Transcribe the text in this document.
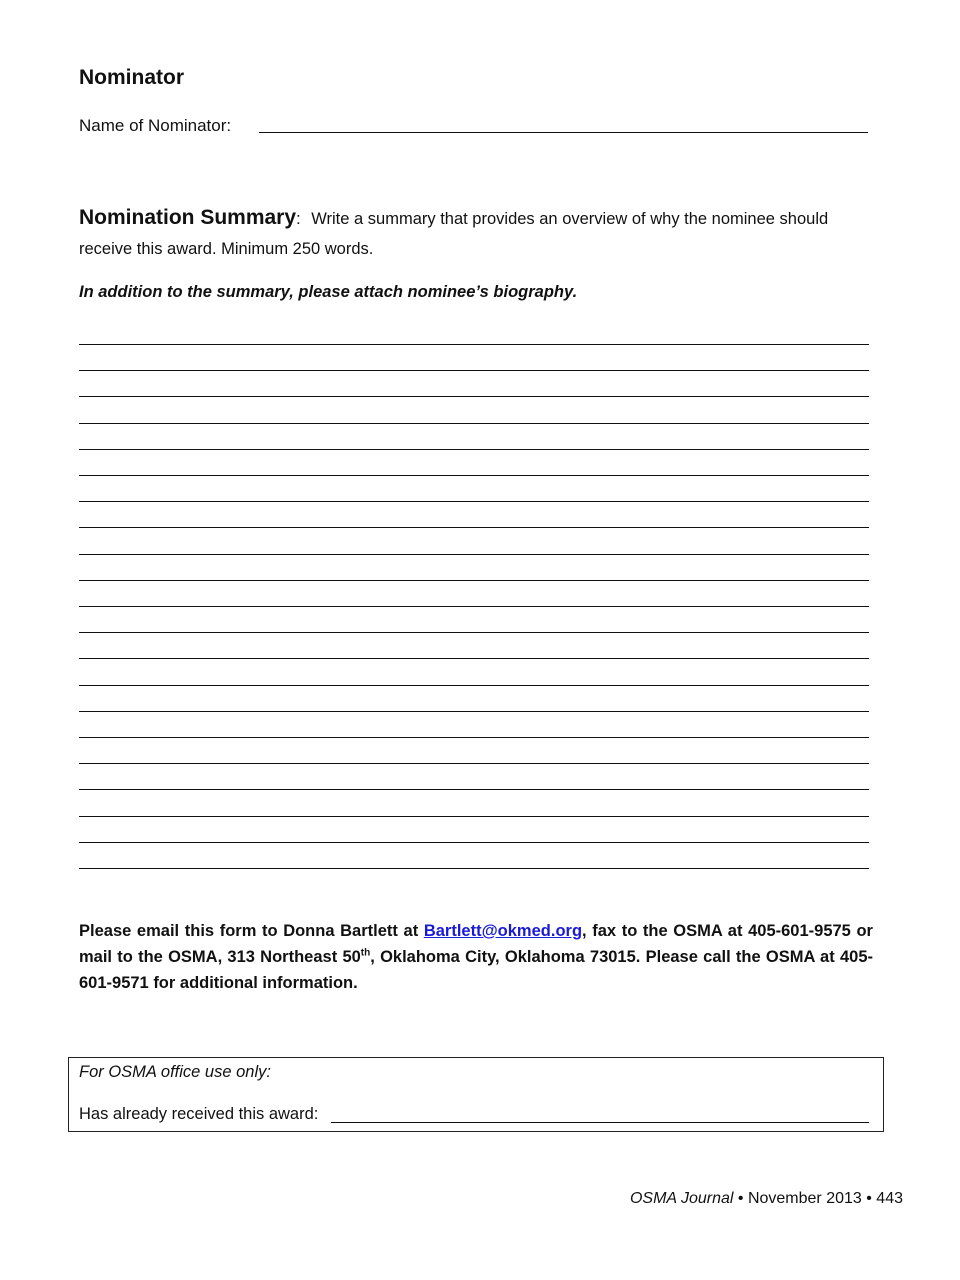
Nominator
Name of Nominator:
Nomination Summary: Write a summary that provides an overview of why the nominee should
receive this award. Minimum 250 words.
In addition to the summary, please attach nominee’s biography.
Please email this form to Donna Bartlett at Bartlett@okmed.org, fax to the OSMA at 405-601-9575 or mail to the OSMA, 313 Northeast 50th, Oklahoma City, Oklahoma 73015. Please call the OSMA at 405-601-9571 for additional information.
For OSMA office use only:
Has already received this award:
OSMA Journal • November 2013 • 443
